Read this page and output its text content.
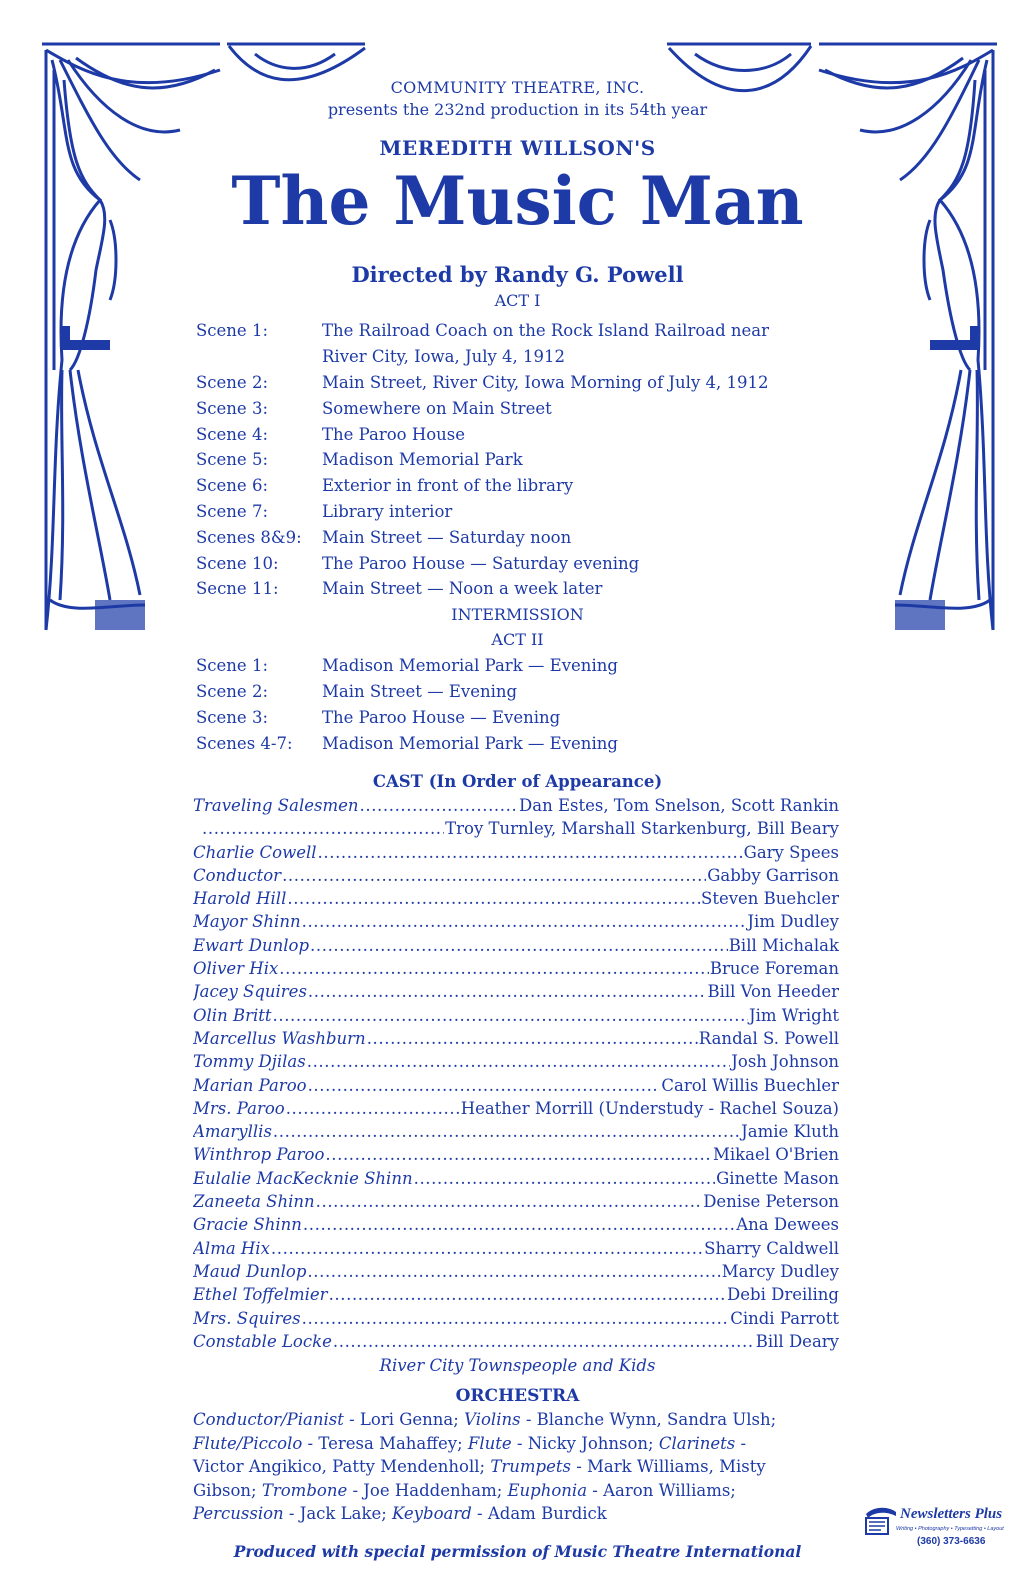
COMMUNITY THEATRE, INC.
presents the 232nd production in its 54th year
MEREDITH WILLSON'S
The Music Man
Directed by Randy G. Powell
ACT I
Scene 1:	The Railroad Coach on the Rock Island Railroad near
River City, Iowa, July 4, 1912
Scene 2:	Main Street, River City, Iowa Morning of July 4, 1912
Scene 3:	Somewhere on Main Street
Scene 4:	The Paroo House
Scene 5:	Madison Memorial Park
Scene 6:	Exterior in front of the library
Scene 7:	Library interior
Scenes 8&9:	Main Street — Saturday noon
Scene 10:	The Paroo House — Saturday evening
Secne 11:	Main Street — Noon a week later
INTERMISSION
ACT II
Scene 1:	Madison Memorial Park — Evening
Scene 2:	Main Street — Evening
Scene 3:	The Paroo House — Evening
Scenes 4-7:	Madison Memorial Park — Evening
CAST (In Order of Appearance)
Traveling Salesmen .....	Dan Estes, Tom Snelson, Scott Rankin
.....
Troy Turnley, Marshall Starkenburg, Bill Beary
Charlie Cowell .....	Gary Spees
Conductor .....	Gabby Garrison
Harold Hill .....	Steven Buehcler
Mayor Shinn .....	Jim Dudley
Ewart Dunlop .....	Bill Michalak
Oliver Hix .....	Bruce Foreman
Jacey Squires .....	Bill Von Heeder
Olin Britt .....	Jim Wright
Marcellus Washburn .....	Randal S. Powell
Tommy Djilas .....	Josh Johnson
Marian Paroo .....	Carol Willis Buechler
Mrs. Paroo .....	Heather Morrill (Understudy - Rachel Souza)
Amaryllis .....	Jamie Kluth
Winthrop Paroo .....	Mikael O'Brien
Eulalie MacKecknie Shinn .....	Ginette Mason
Zaneeta Shinn .....	Denise Peterson
Gracie Shinn .....	Ana Dewees
Alma Hix .....	Sharry Caldwell
Maud Dunlop .....	Marcy Dudley
Ethel Toffelmier .....	Debi Dreiling
Mrs. Squires .....	Cindi Parrott
Constable Locke .....	Bill Deary
River City Townspeople and Kids
ORCHESTRA
Conductor/Pianist - Lori Genna; Violins - Blanche Wynn, Sandra Ulsh;
Flute/Piccolo - Teresa Mahaffey; Flute - Nicky Johnson; Clarinets -
Victor Angikico, Patty Mendenholl; Trumpets - Mark Williams, Misty
Gibson; Trombone - Joe Haddenham; Euphonia - Aaron Williams;
Percussion - Jack Lake; Keyboard - Adam Burdick
Produced with special permission of Music Theatre International
Newsletters Plus
Writing • Photography • Typesetting • Layout
(360) 373-6636
